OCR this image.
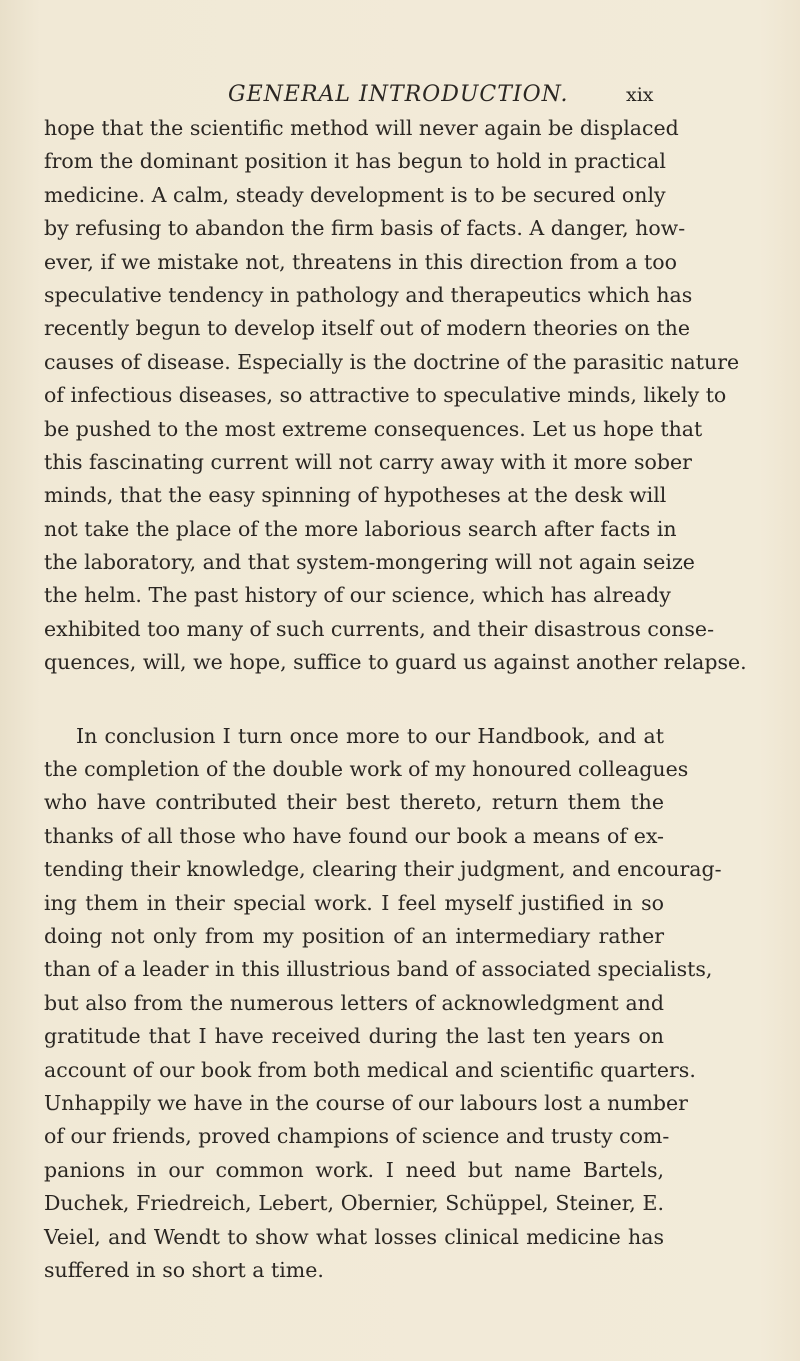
GENERAL INTRODUCTION.	xix
hope that the scientific method will never again be displaced
from the dominant position it has begun to hold in practical
medicine. A calm, steady development is to be secured only
by refusing to abandon the firm basis of facts. A danger, how-
ever, if we mistake not, threatens in this direction from a too
speculative tendency in pathology and therapeutics which has
recently begun to develop itself out of modern theories on the
causes of disease. Especially is the doctrine of the parasitic nature
of infectious diseases, so attractive to speculative minds, likely to
be pushed to the most extreme consequences. Let us hope that
this fascinating current will not carry away with it more sober
minds, that the easy spinning of hypotheses at the desk will
not take the place of the more laborious search after facts in
the laboratory, and that system-mongering will not again seize
the helm. The past history of our science, which has already
exhibited too many of such currents, and their disastrous conse-
quences, will, we hope, suffice to guard us against another relapse.
In conclusion I turn once more to our Handbook, and at
the completion of the double work of my honoured colleagues
who have contributed their best thereto, return them the
thanks of all those who have found our book a means of ex-
tending their knowledge, clearing their judgment, and encourag-
ing them in their special work. I feel myself justified in so
doing not only from my position of an intermediary rather
than of a leader in this illustrious band of associated specialists,
but also from the numerous letters of acknowledgment and
gratitude that I have received during the last ten years on
account of our book from both medical and scientific quarters.
Unhappily we have in the course of our labours lost a number
of our friends, proved champions of science and trusty com-
panions in our common work. I need but name Bartels,
Duchek, Friedreich, Lebert, Obernier, Schüppel, Steiner, E.
Veiel, and Wendt to show what losses clinical medicine has
suffered in so short a time.
